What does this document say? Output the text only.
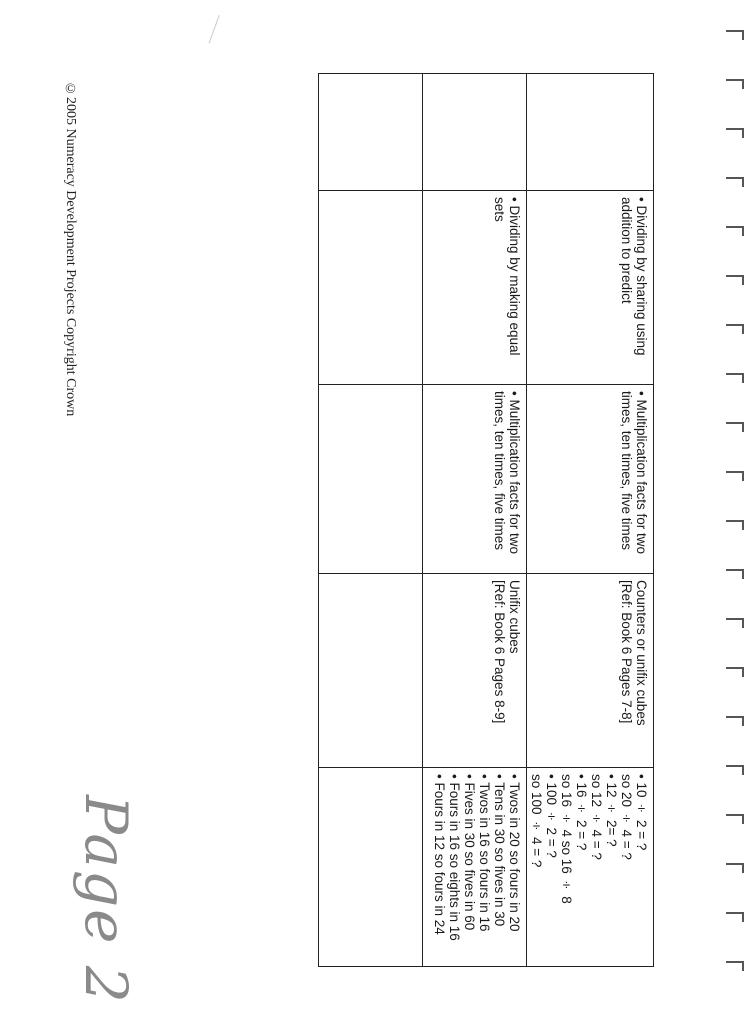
©2005 Numeracy Development Projects Copyright Crown
Page 2
• Dividing by sharing using addition to predict
• Multiplication facts for two times, ten times, five times
Counters or unifix cubes
[Ref: Book 6 Pages 7-8]
• 10 ÷ 2 = ?
so 20 ÷ 4 = ?
• 12 ÷ 2= ?
so 12 ÷ 4 = ?
• 16 ÷ 2 = ?
so 16 ÷ 4 so 16 ÷ 8
• 100 ÷ 2 = ?
so 100 ÷ 4 = ?
• Dividing by making equal sets
• Multiplication facts for two times, ten times, five times
Unifix cubes
[Ref: Book 6 Pages 8-9]
• Twos in 20 so fours in 20
• Tens in 30 so fives in 30
• Twos in 16 so fours in 16
• Fives in 30 so fives in 60
• Fours in 16 so eights in 16
• Fours in 12 so fours in 24
